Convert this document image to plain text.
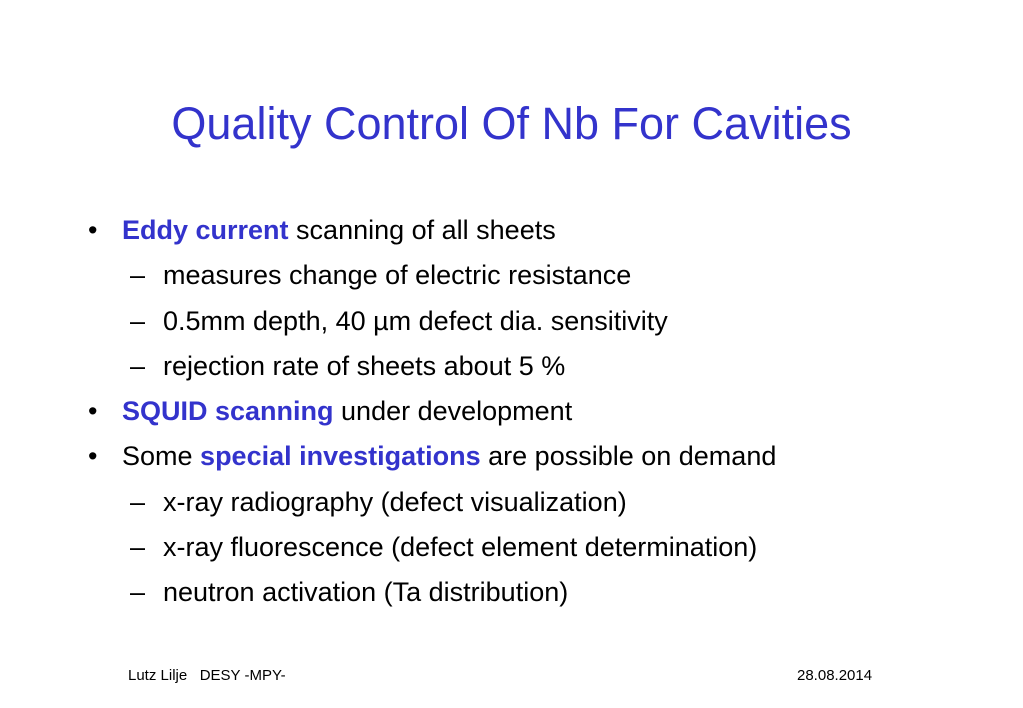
Quality Control Of Nb For Cavities
• Eddy current scanning of all sheets
– measures change of electric resistance
– 0.5mm depth, 40 µm defect dia. sensitivity
– rejection rate of sheets about 5 %
• SQUID scanning under development
• Some special investigations are possible on demand
– x-ray radiography (defect visualization)
– x-ray fluorescence (defect element determination)
– neutron activation (Ta distribution)
Lutz Lilje   DESY -MPY-	28.08.2014
